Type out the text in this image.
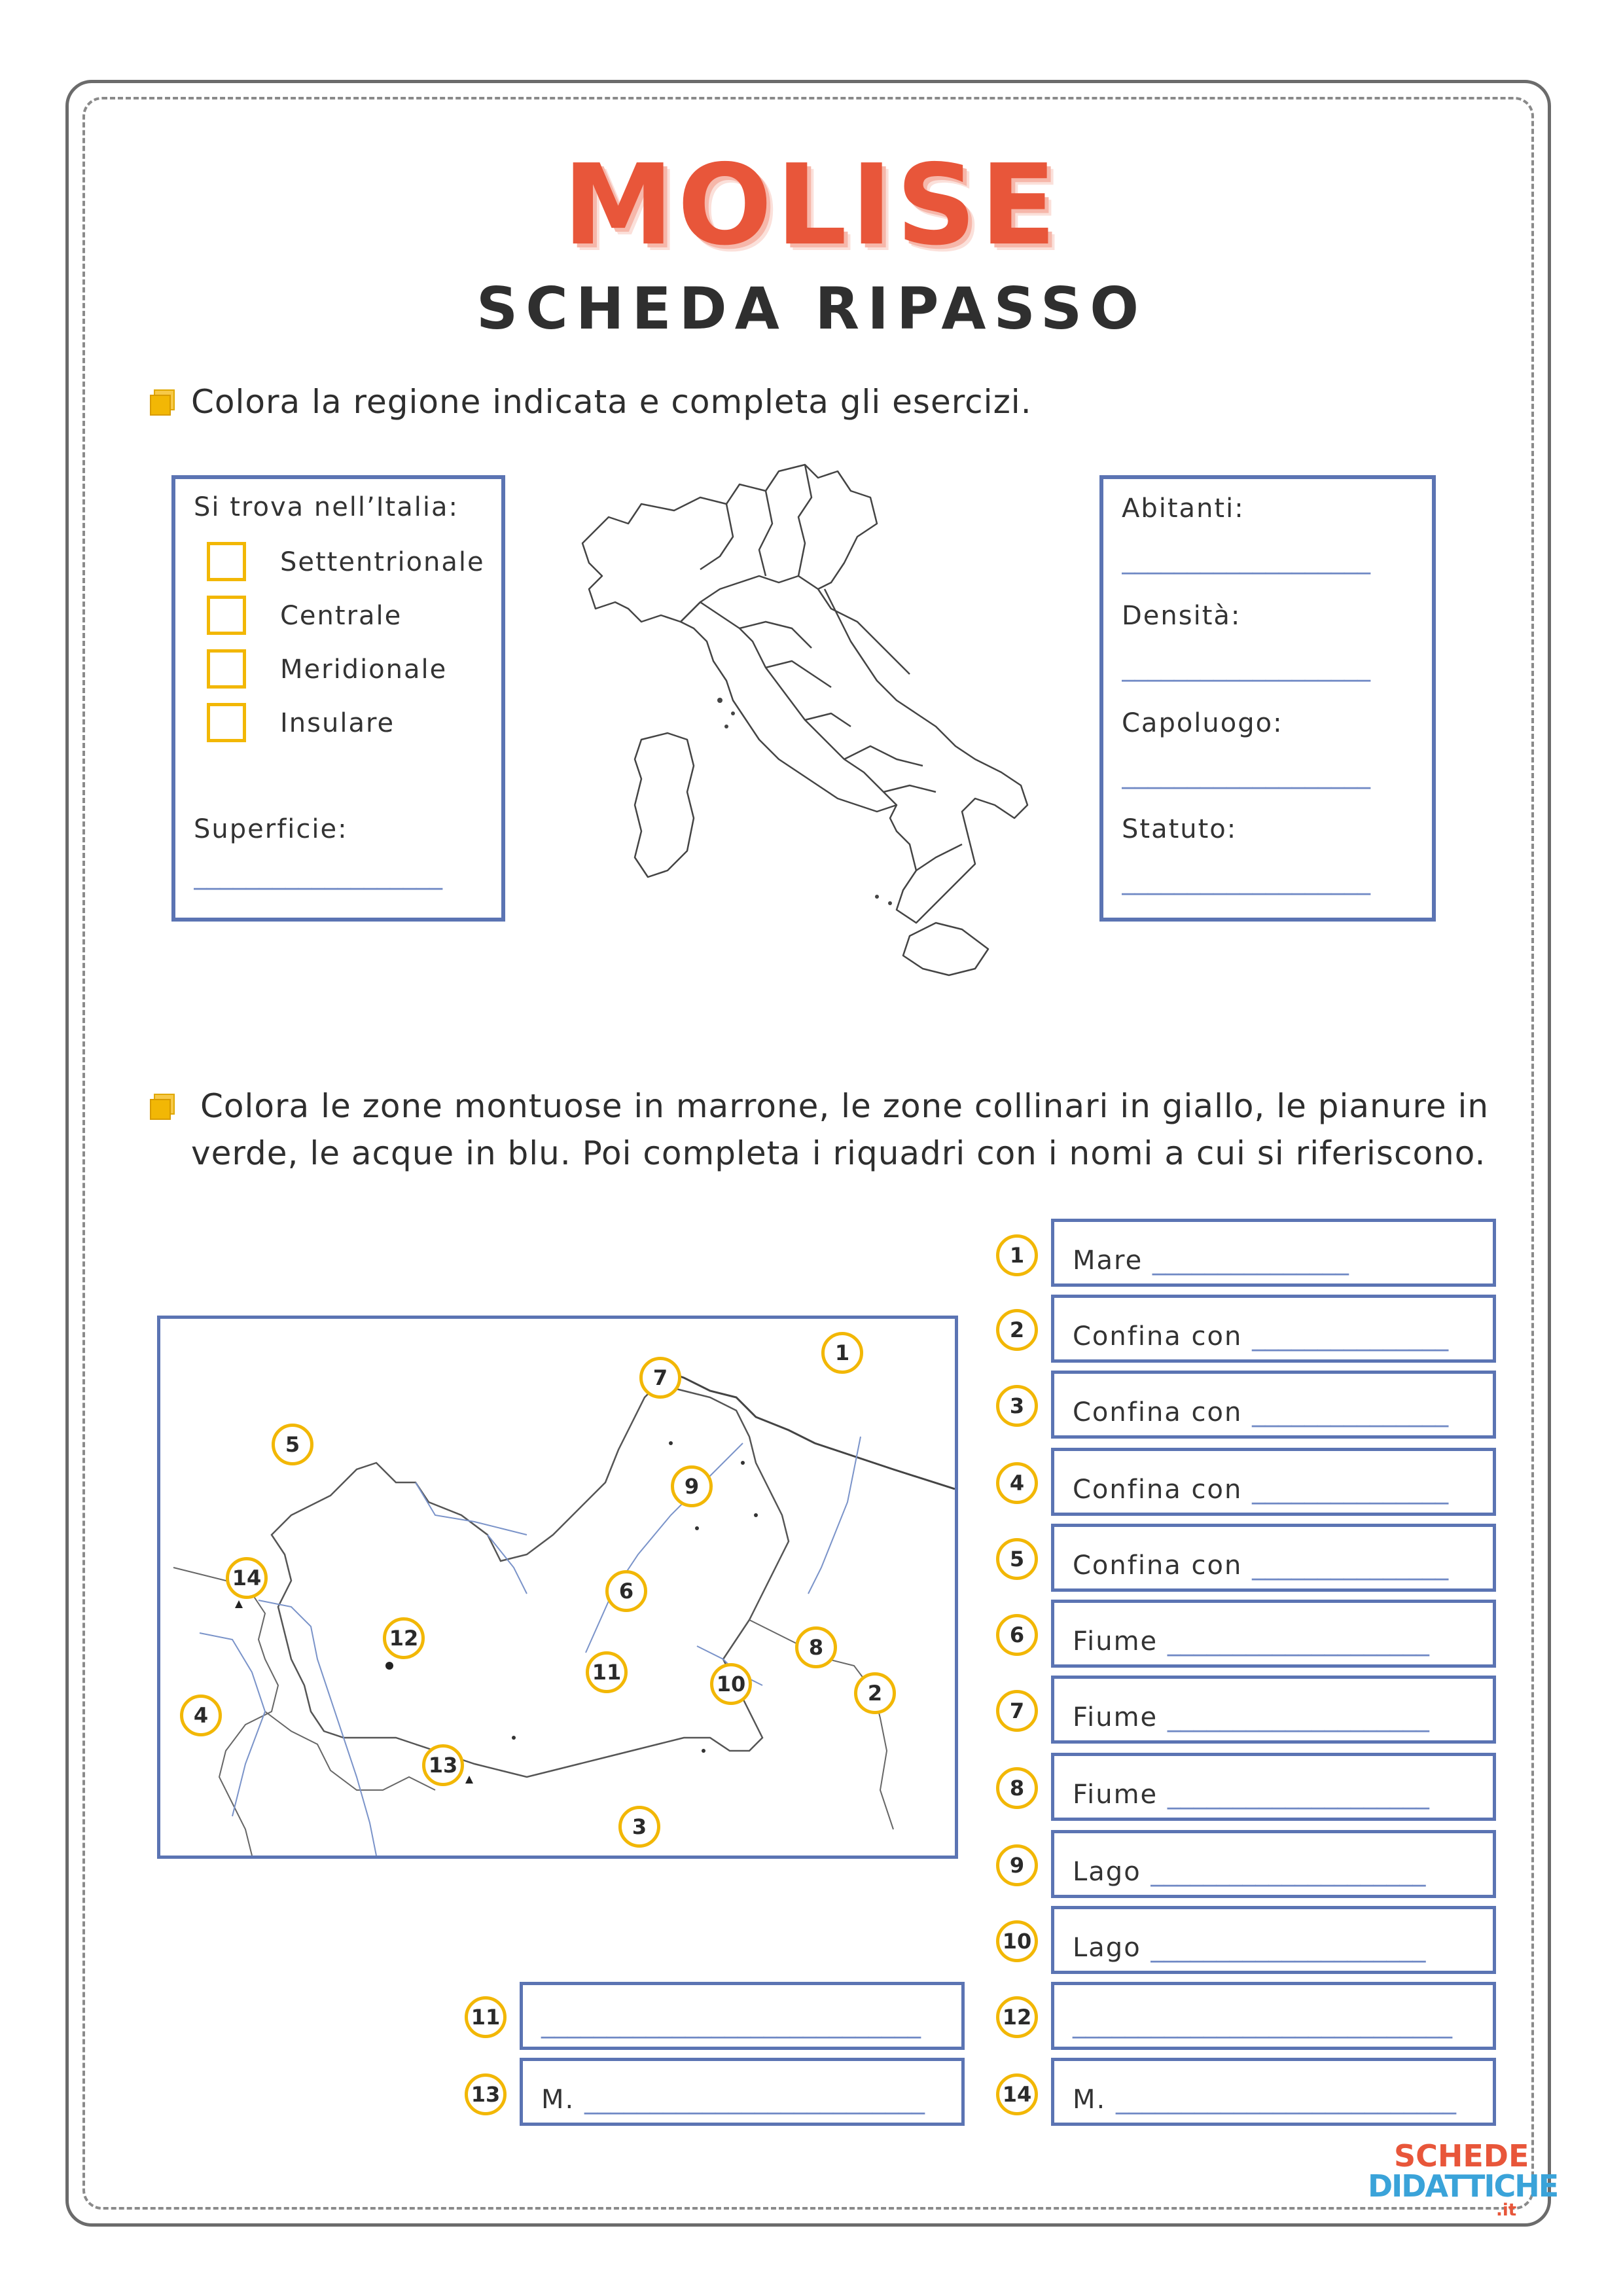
MOLISE
SCHEDA RIPASSO
Colora la regione indicata e completa gli esercizi.
Si trova nell’Italia:
Settentrionale
Centrale
Meridionale
Insulare
Superficie:
___________________
Abitanti:
___________________
Densità:
___________________
Capoluogo:
___________________
Statuto:
___________________
Colora le zone montuose in marrone, le zone collinari in giallo, le pianure in
verde, le acque in blu. Poi completa i riquadri con i nomi a cui si riferiscono.
1
2
3
4
5
6
7
8
9
10
11
12
13
14
1	Mare _______________
2	Confina con _______________
3	Confina con _______________
4	Confina con _______________
5	Confina con _______________
6	Fiume ____________________
7	Fiume ____________________
8	Fiume ____________________
9	Lago _____________________
10	Lago _____________________
12	_____________________________
14	M. __________________________
11	_____________________________
13	M. __________________________
SCHEDE
DIDATTICHE
.it
